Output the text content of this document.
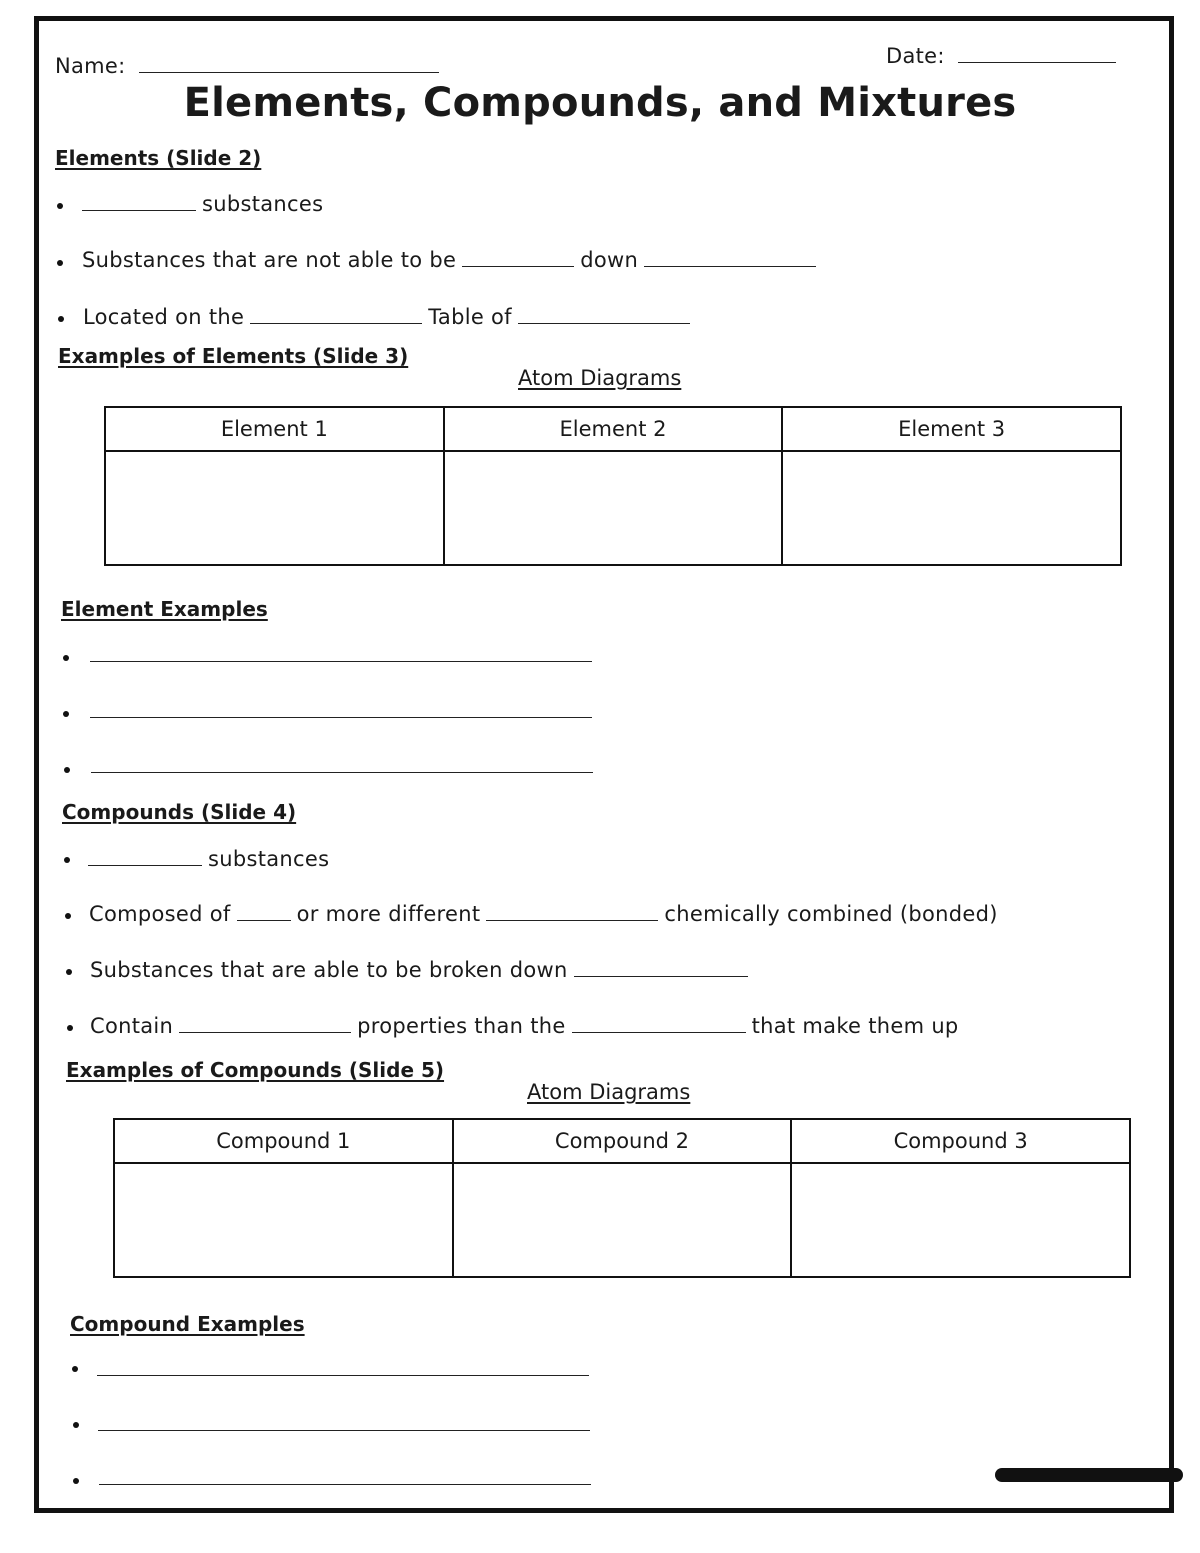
Name:	Date:
Elements, Compounds, and Mixtures
Elements (Slide 2)
substances
Substances that are not able to be	down
Located on the	Table of
Examples of Elements (Slide 3)
Atom Diagrams
Element 1	Element 2	Element 3

Element Examples
Compounds (Slide 4)
substances
Composed of	or more different	chemically combined (bonded)
Substances that are able to be broken down
Contain	properties than the	that make them up
Examples of Compounds (Slide 5)
Atom Diagrams
Compound 1	Compound 2	Compound 3

Compound Examples
